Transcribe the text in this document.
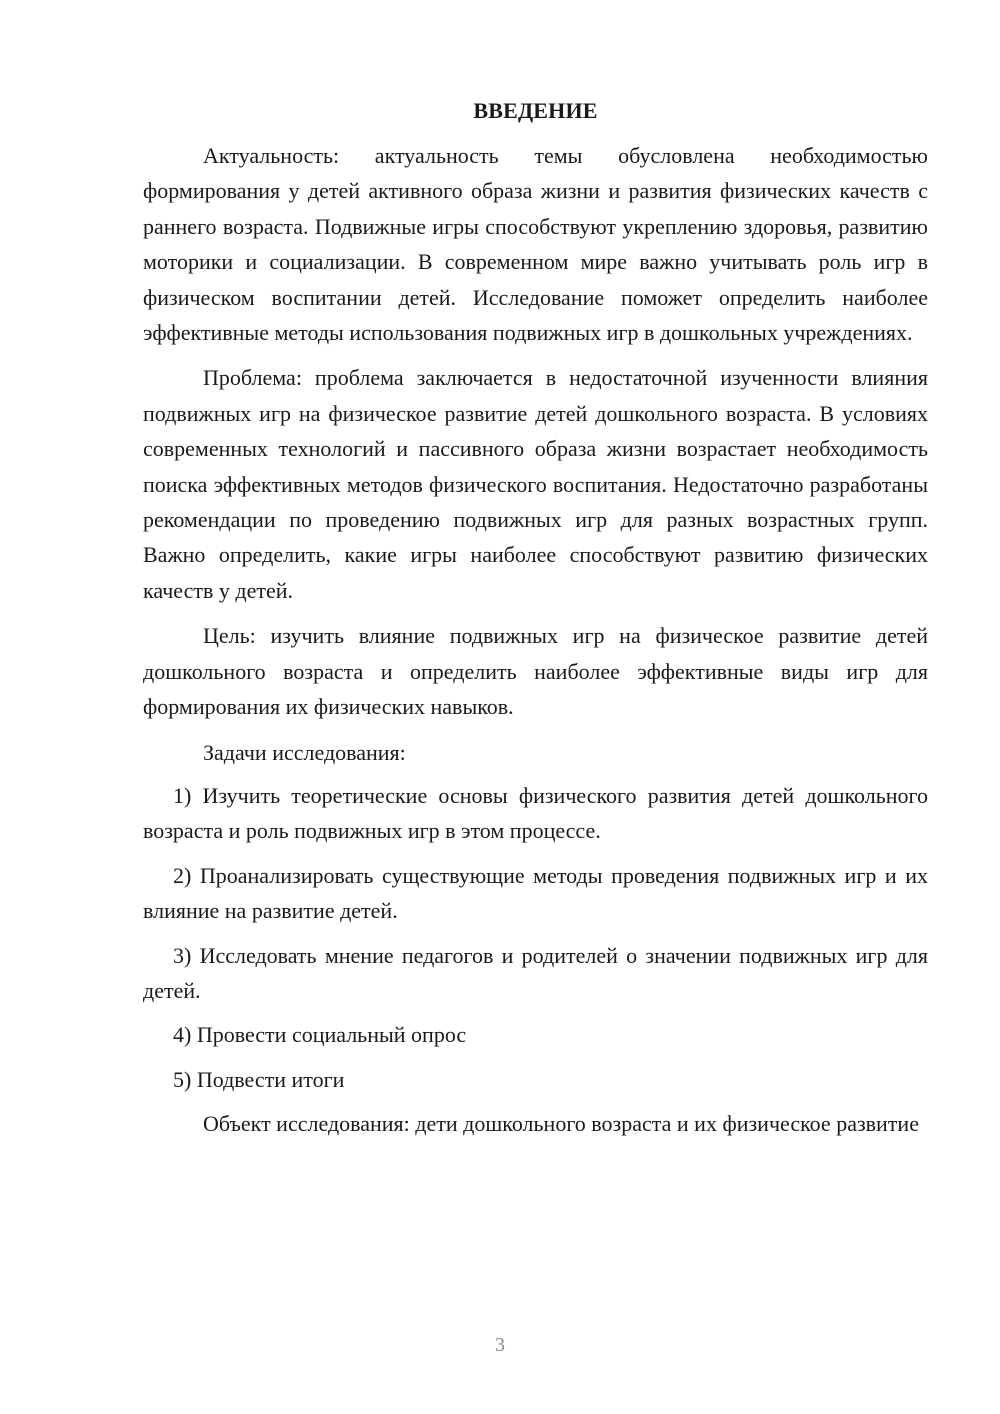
ВВЕДЕНИЕ

Актуальность: актуальность темы обусловлена необходимостью формирования у детей активного образа жизни и развития физических качеств с раннего возраста. Подвижные игры способствуют укреплению здоровья, развитию моторики и социализации. В современном мире важно учитывать роль игр в физическом воспитании детей. Исследование поможет определить наиболее эффективные методы использования подвижных игр в дошкольных учреждениях.

Проблема: проблема заключается в недостаточной изученности влияния подвижных игр на физическое развитие детей дошкольного возраста. В условиях современных технологий и пассивного образа жизни возрастает необходимость поиска эффективных методов физического воспитания. Недостаточно разработаны рекомендации по проведению подвижных игр для разных возрастных групп. Важно определить, какие игры наиболее способствуют развитию физических качеств у детей.

Цель: изучить влияние подвижных игр на физическое развитие детей дошкольного возраста и определить наиболее эффективные виды игр для формирования их физических навыков.

Задачи исследования:

1) Изучить теоретические основы физического развития детей дошкольного возраста и роль подвижных игр в этом процессе.

2) Проанализировать существующие методы проведения подвижных игр и их влияние на развитие детей.

3) Исследовать мнение педагогов и родителей о значении подвижных игр для детей.

4) Провести социальный опрос

5) Подвести итоги

Объект исследования: дети дошкольного возраста и их физическое развитие

3
